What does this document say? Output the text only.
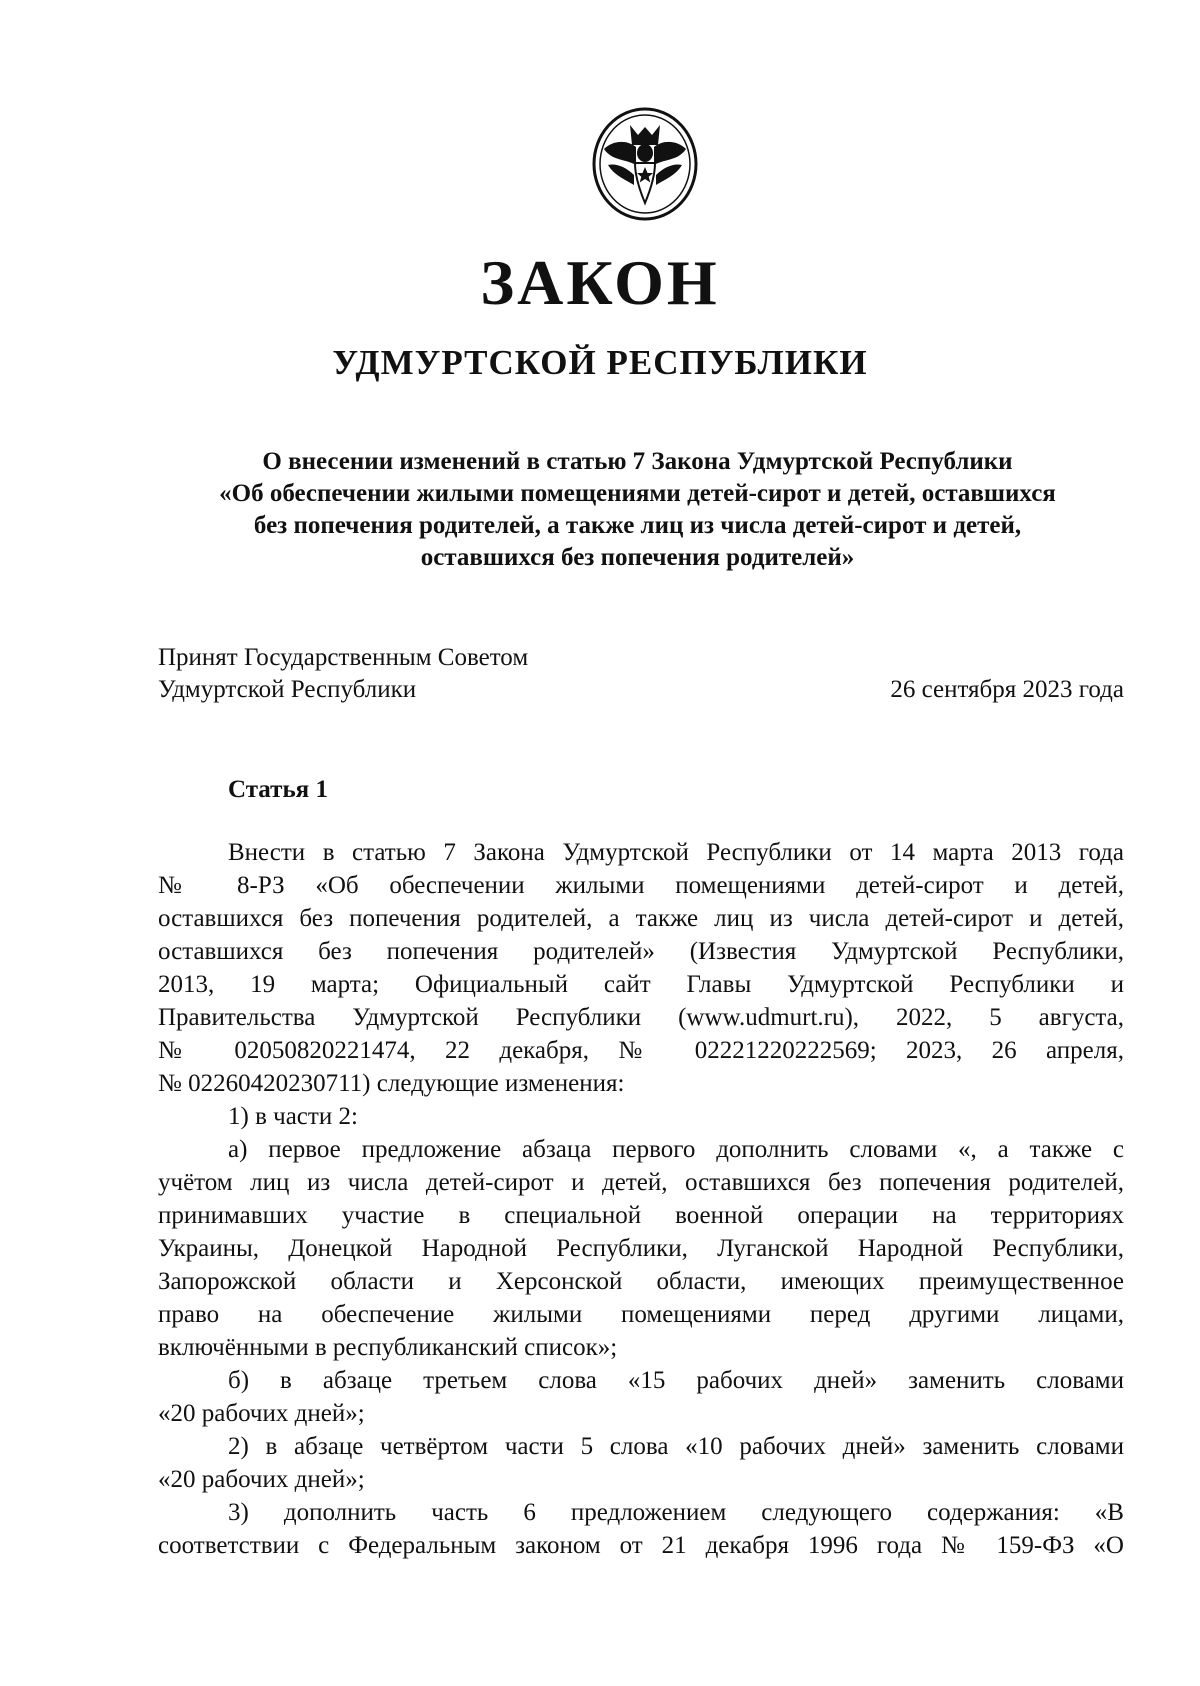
ЗАКОН
УДМУРТСКОЙ РЕСПУБЛИКИ
О внесении изменений в статью 7 Закона Удмуртской Республики
«Об обеспечении жилыми помещениями детей-сирот и детей, оставшихся
без попечения родителей, а также лиц из числа детей-сирот и детей,
оставшихся без попечения родителей»
Принят Государственным Советом
Удмуртской Республики	26 сентября 2023 года
Статья 1
Внести в статью 7 Закона Удмуртской Республики от 14 марта 2013 года
№ 8-РЗ «Об обеспечении жилыми помещениями детей-сирот и детей,
оставшихся без попечения родителей, а также лиц из числа детей-сирот и детей,
оставшихся без попечения родителей» (Известия Удмуртской Республики,
2013, 19 марта; Официальный сайт Главы Удмуртской Республики и
Правительства Удмуртской Республики (www.udmurt.ru), 2022, 5 августа,
№ 02050820221474, 22 декабря, № 02221220222569; 2023, 26 апреля,
№ 02260420230711) следующие изменения:
1) в части 2:
а) первое предложение абзаца первого дополнить словами «, а также с
учётом лиц из числа детей-сирот и детей, оставшихся без попечения родителей,
принимавших участие в специальной военной операции на территориях
Украины, Донецкой Народной Республики, Луганской Народной Республики,
Запорожской области и Херсонской области, имеющих преимущественное
право на обеспечение жилыми помещениями перед другими лицами,
включёнными в республиканский список»;
б) в абзаце третьем слова «15 рабочих дней» заменить словами
«20 рабочих дней»;
2) в абзаце четвёртом части 5 слова «10 рабочих дней» заменить словами
«20 рабочих дней»;
3) дополнить часть 6 предложением следующего содержания: «В
соответствии с Федеральным законом от 21 декабря 1996 года № 159-ФЗ «О
